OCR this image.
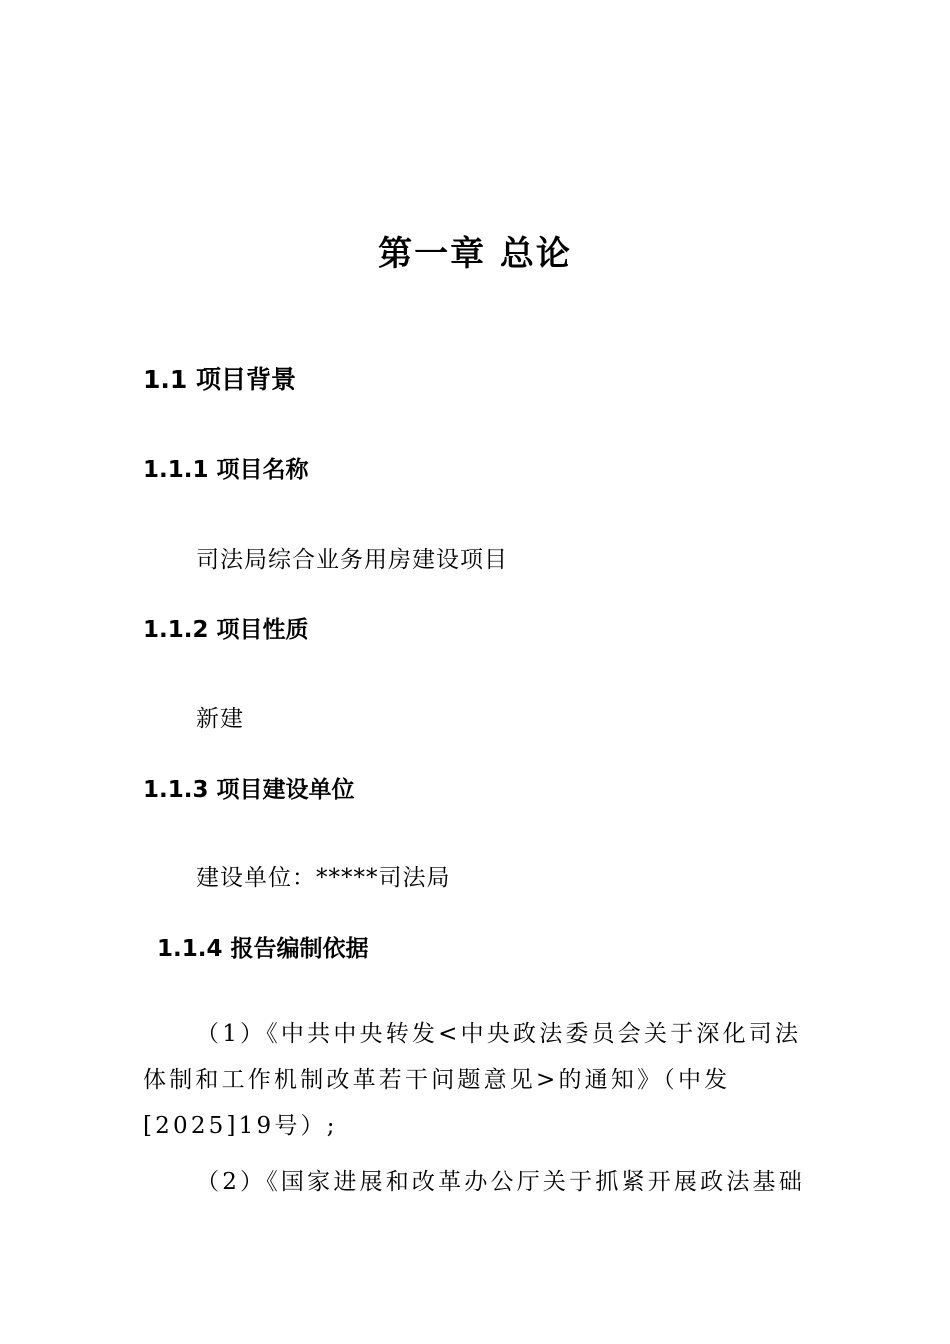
第一章 总论
1.1 项目背景
1.1.1 项目名称
司法局综合业务用房建设项目
1.1.2 项目性质
新建
1.1.3 项目建设单位
建设单位：*****司法局
1.1.4 报告编制依据
（1）《中共中央转发<中央政法委员会关于深化司法
体制和工作机制改革若干问题意见>的通知》（中发
[2025]19号）;
（2）《国家进展和改革办公厅关于抓紧开展政法基础
